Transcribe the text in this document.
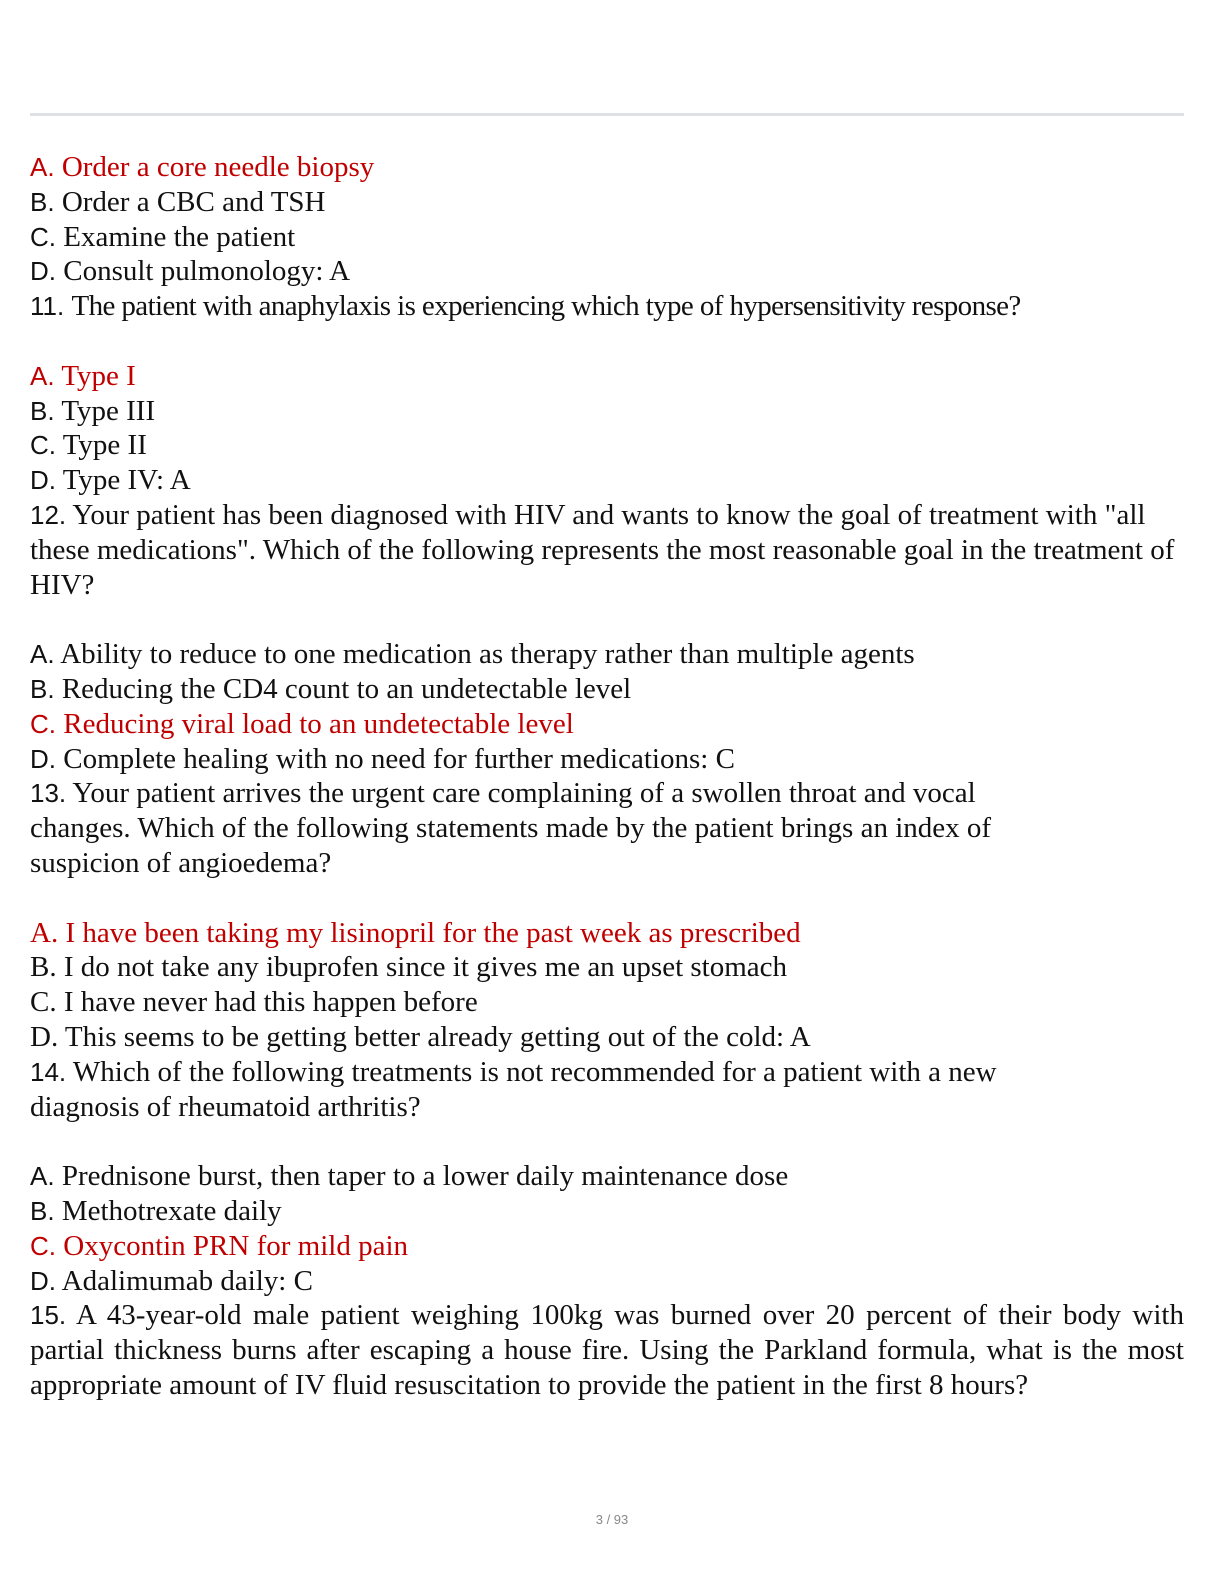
A. Order a core needle biopsy
B. Order a CBC and TSH
C. Examine the patient
D. Consult pulmonology: A
11. The patient with anaphylaxis is experiencing which type of hypersensitivity response?
A. Type I
B. Type III
C. Type II
D. Type IV: A
12. Your patient has been diagnosed with HIV and wants to know the goal of treatment with "all these medications". Which of the following represents the most reasonable goal in the treatment of HIV?
A. Ability to reduce to one medication as therapy rather than multiple agents
B. Reducing the CD4 count to an undetectable level
C. Reducing viral load to an undetectable level
D. Complete healing with no need for further medications: C
13. Your patient arrives the urgent care complaining of a swollen throat and vocal changes. Which of the following statements made by the patient brings an index of suspicion of angioedema?
A. I have been taking my lisinopril for the past week as prescribed
B. I do not take any ibuprofen since it gives me an upset stomach
C. I have never had this happen before
D. This seems to be getting better already getting out of the cold: A
14. Which of the following treatments is not recommended for a patient with a new diagnosis of rheumatoid arthritis?
A. Prednisone burst, then taper to a lower daily maintenance dose
B. Methotrexate daily
C. Oxycontin PRN for mild pain
D. Adalimumab daily: C
15. A 43-year-old male patient weighing 100kg was burned over 20 percent of their body with partial thickness burns after escaping a house fire. Using the Parkland formula, what is the most appropriate amount of IV fluid resuscitation to provide the patient in the first 8 hours?
3 / 93
